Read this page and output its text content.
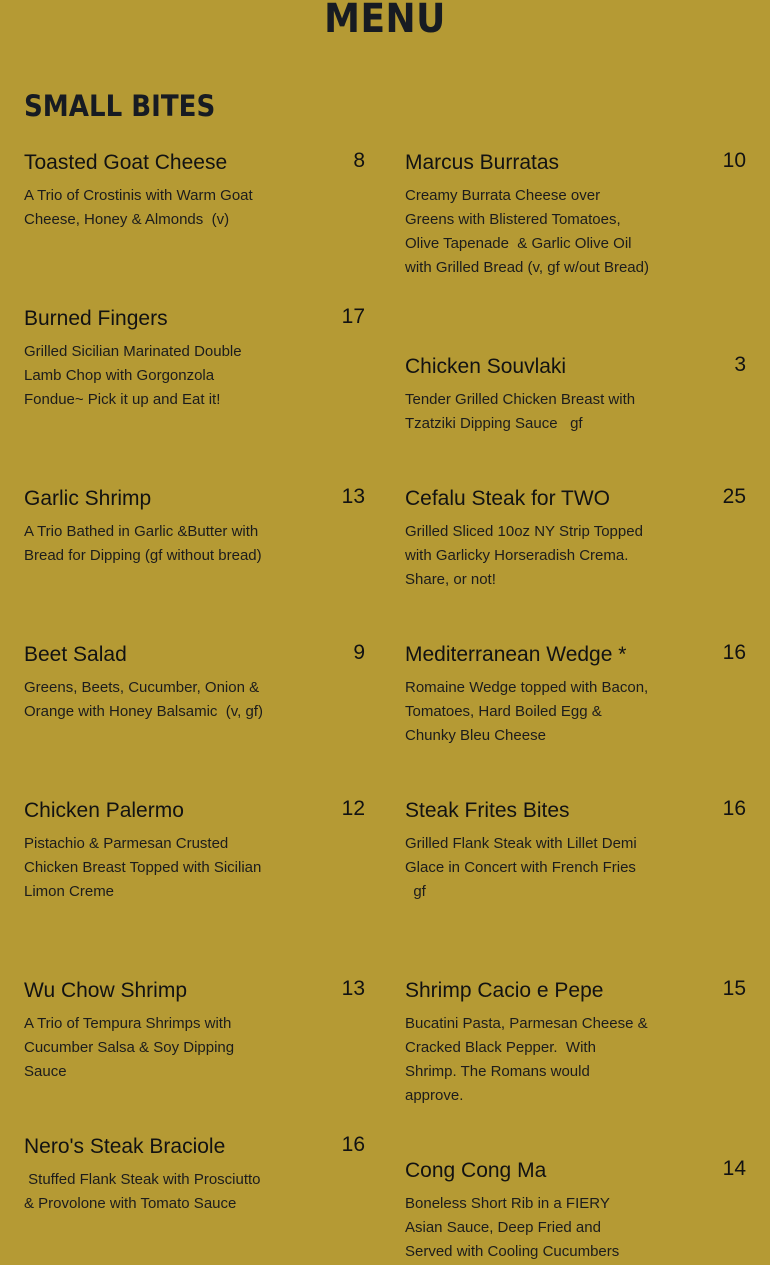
MENU
SMALL BITES
Toasted Goat Cheese	8
A Trio of Crostinis with Warm Goat Cheese, Honey & Almonds  (v)
Marcus Burratas	10
Creamy Burrata Cheese over Greens with Blistered Tomatoes, Olive Tapenade  & Garlic Olive Oil with Grilled Bread (v, gf w/out Bread)
Burned Fingers	17
Grilled Sicilian Marinated Double Lamb Chop with Gorgonzola Fondue~ Pick it up and Eat it!
Chicken Souvlaki	3
Tender Grilled Chicken Breast with Tzatziki Dipping Sauce   gf
Garlic Shrimp	13
A Trio Bathed in Garlic &Butter with Bread for Dipping (gf without bread)
Cefalu Steak for TWO	25
Grilled Sliced 10oz NY Strip Topped with Garlicky Horseradish Crema. Share, or not!
Beet Salad	9
Greens, Beets, Cucumber, Onion & Orange with Honey Balsamic  (v, gf)
Mediterranean Wedge *	16
Romaine Wedge topped with Bacon, Tomatoes, Hard Boiled Egg & Chunky Bleu Cheese
Chicken Palermo	12
Pistachio & Parmesan Crusted Chicken Breast Topped with Sicilian Limon Creme
Steak Frites Bites	16
Grilled Flank Steak with Lillet Demi Glace in Concert with French Fries
gf
Wu Chow Shrimp	13
A Trio of Tempura Shrimps with Cucumber Salsa & Soy Dipping Sauce
Shrimp Cacio e Pepe	15
Bucatini Pasta, Parmesan Cheese & Cracked Black Pepper.  With Shrimp. The Romans would approve.
Nero's Steak Braciole	16
Stuffed Flank Steak with Prosciutto & Provolone with Tomato Sauce
Cong Cong Ma	14
Boneless Short Rib in a FIERY Asian Sauce, Deep Fried and Served with Cooling Cucumbers
